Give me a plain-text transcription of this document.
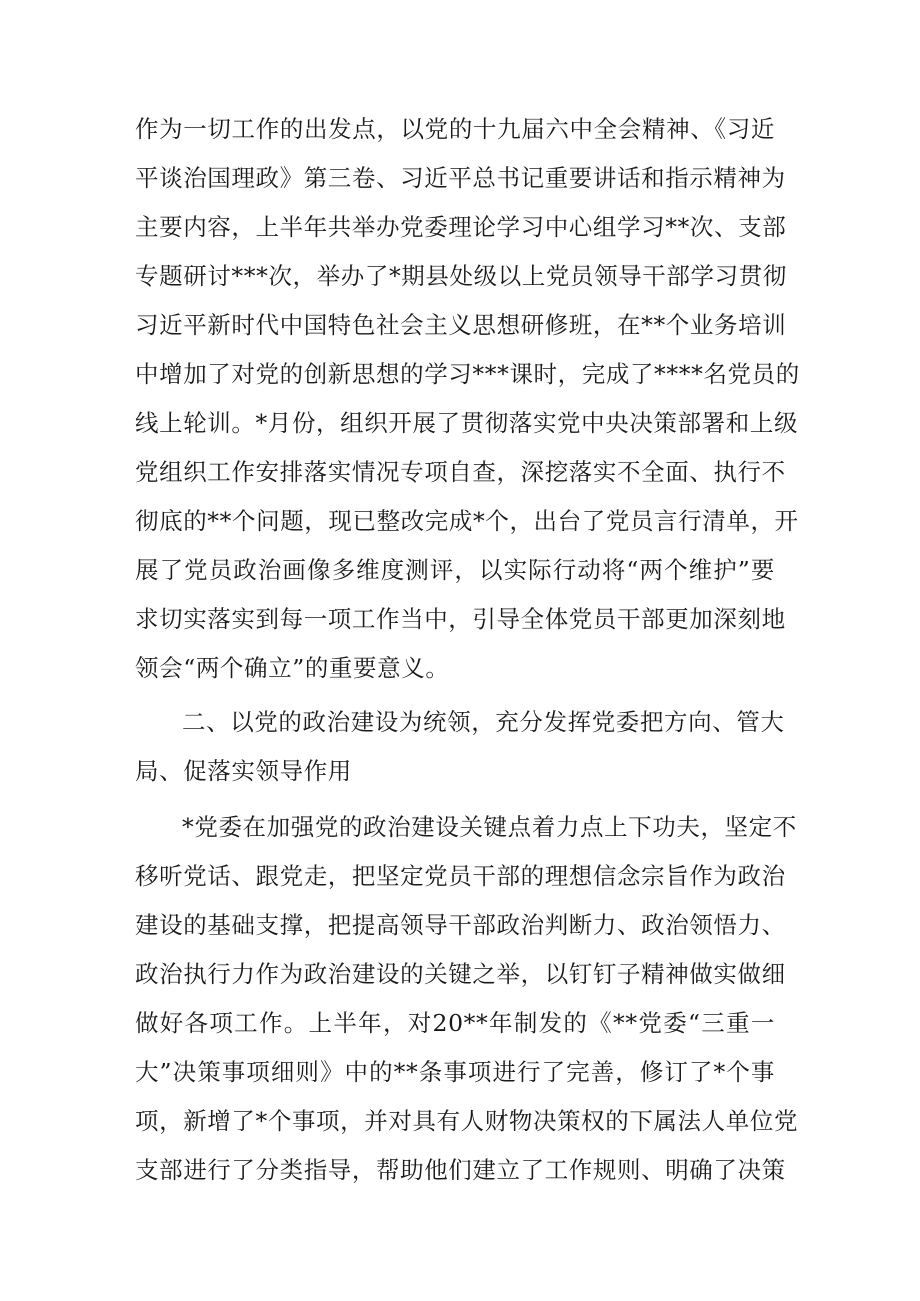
作为一切工作的出发点，以党的十九届六中全会精神、《习近
平谈治国理政》第三卷、习近平总书记重要讲话和指示精神为
主要内容，上半年共举办党委理论学习中心组学习**次、支部
专题研讨***次，举办了*期县处级以上党员领导干部学习贯彻
习近平新时代中国特色社会主义思想研修班，在**个业务培训
中增加了对党的创新思想的学习***课时，完成了****名党员的
线上轮训。*月份，组织开展了贯彻落实党中央决策部署和上级
党组织工作安排落实情况专项自查，深挖落实不全面、执行不
彻底的**个问题，现已整改完成*个，出台了党员言行清单，开
展了党员政治画像多维度测评，以实际行动将“两个维护”要
求切实落实到每一项工作当中，引导全体党员干部更加深刻地
领会“两个确立”的重要意义。
二、以党的政治建设为统领，充分发挥党委把方向、管大
局、促落实领导作用
*党委在加强党的政治建设关键点着力点上下功夫，坚定不
移听党话、跟党走，把坚定党员干部的理想信念宗旨作为政治
建设的基础支撑，把提高领导干部政治判断力、政治领悟力、
政治执行力作为政治建设的关键之举，以钉钉子精神做实做细
做好各项工作。上半年，对20**年制发的《**党委“三重一
大”决策事项细则》中的**条事项进行了完善，修订了*个事
项，新增了*个事项，并对具有人财物决策权的下属法人单位党
支部进行了分类指导，帮助他们建立了工作规则、明确了决策
